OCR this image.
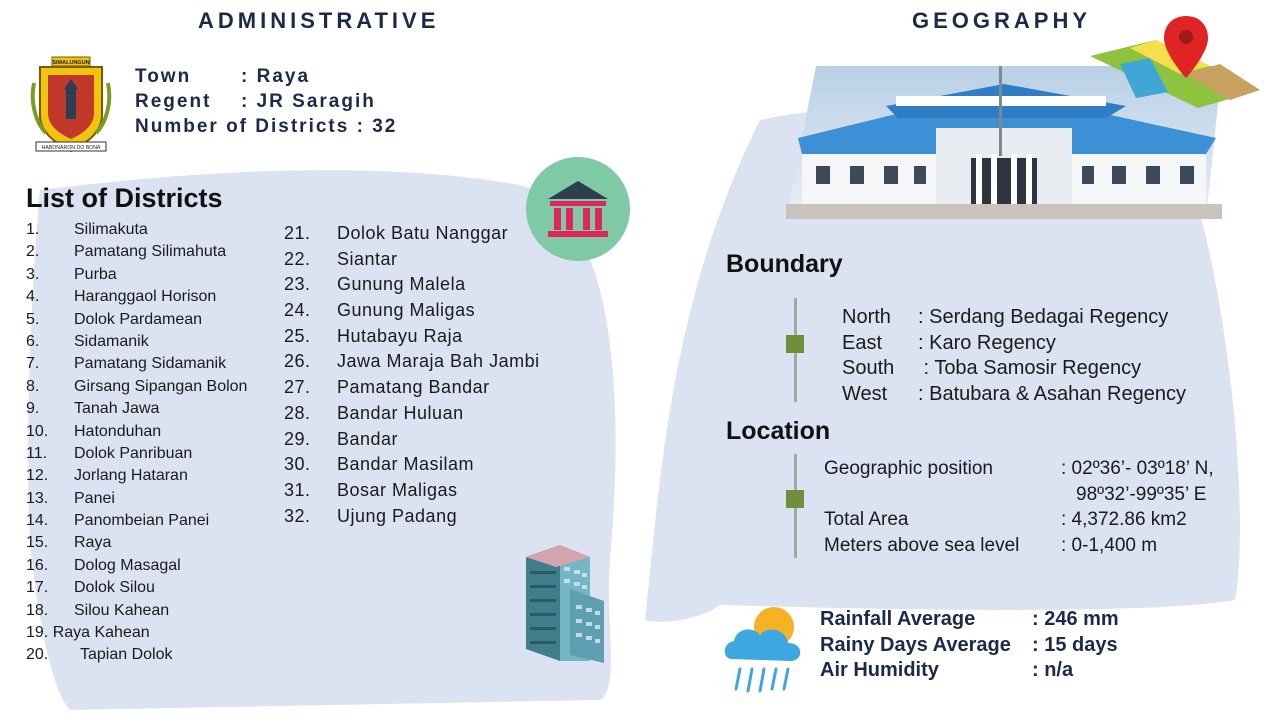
ADMINISTRATIVE
SIMALUNGUN
HABONARON DO BONA
Town	: Raya
Regent : JR Saragih
Number of Districts : 32
List of Districts
1. Silimakuta
2. Pamatang Silimahuta
3. Purba
4. Haranggaol Horison
5. Dolok Pardamean
6. Sidamanik
7. Pamatang Sidamanik
8. Girsang Sipangan Bolon
9. Tanah Jawa
10. Hatonduhan
11. Dolok Panribuan
12. Jorlang Hataran
13. Panei
14. Panombeian Panei
15. Raya
16. Dolog Masagal
17. Dolok Silou
18. Silou Kahean
19. Raya Kahean
20. Tapian Dolok
21. Dolok Batu Nanggar
22. Siantar
23. Gunung Malela
24. Gunung Maligas
25. Hutabayu Raja
26. Jawa Maraja Bah Jambi
27. Pamatang Bandar
28. Bandar Huluan
29. Bandar
30. Bandar Masilam
31. Bosar Maligas
32. Ujung Padang
GEOGRAPHY
Boundary
North : Serdang Bedagai Regency
East : Karo Regency
South : Toba Samosir Regency
West : Batubara & Asahan Regency
Location
Geographic position	: 02º36’- 03º18’ N,
98º32’-99º35’ E
Total Area	: 4,372.86 km2
Meters above sea level : 0-1,400 m
Rainfall Average	: 246 mm
Rainy Days Average : 15 days
Air Humidity	: n/a
